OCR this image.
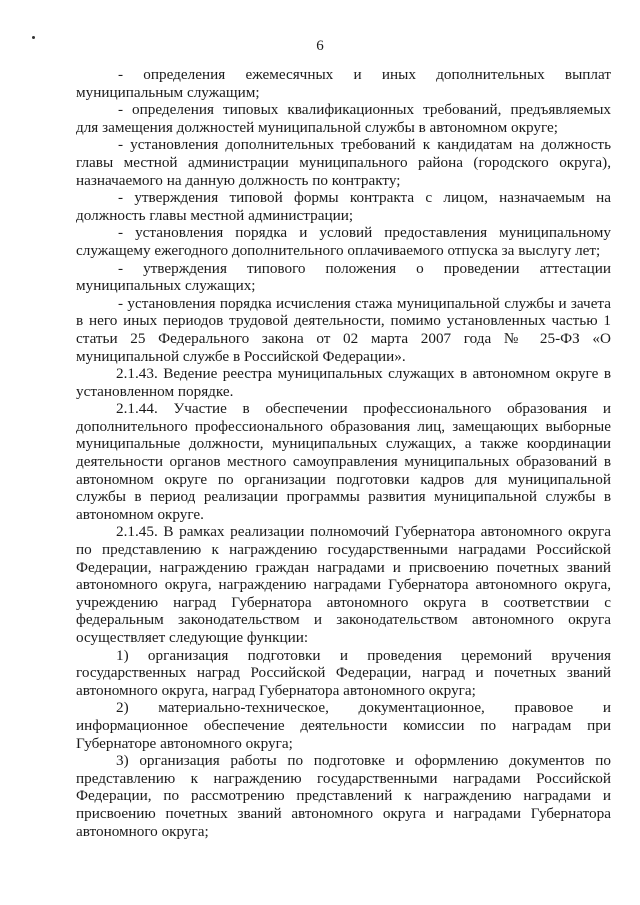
6

- определения ежемесячных и иных дополнительных выплат муниципальным служащим;

- определения типовых квалификационных требований, предъявляемых для замещения должностей муниципальной службы в автономном округе;

- установления дополнительных требований к кандидатам на должность главы местной администрации муниципального района (городского округа), назначаемого на данную должность по контракту;

- утверждения типовой формы контракта с лицом, назначаемым на должность главы местной администрации;

- установления порядка и условий предоставления муниципальному служащему ежегодного дополнительного оплачиваемого отпуска за выслугу лет;

- утверждения типового положения о проведении аттестации муниципальных служащих;

- установления порядка исчисления стажа муниципальной службы и зачета в него иных периодов трудовой деятельности, помимо установленных частью 1 статьи 25 Федерального закона от 02 марта 2007 года № 25-ФЗ «О муниципальной службе в Российской Федерации».

2.1.43. Ведение реестра муниципальных служащих в автономном округе в установленном порядке.

2.1.44. Участие в обеспечении профессионального образования и дополнительного профессионального образования лиц, замещающих выборные муниципальные должности, муниципальных служащих, а также координации деятельности органов местного самоуправления муниципальных образований в автономном округе по организации подготовки кадров для муниципальной службы в период реализации программы развития муниципальной службы в автономном округе.

2.1.45. В рамках реализации полномочий Губернатора автономного округа по представлению к награждению государственными наградами Российской Федерации, награждению граждан наградами и присвоению почетных званий автономного округа, награждению наградами Губернатора автономного округа, учреждению наград Губернатора автономного округа в соответствии с федеральным законодательством и законодательством автономного округа осуществляет следующие функции:

1) организация подготовки и проведения церемоний вручения государственных наград Российской Федерации, наград и почетных званий автономного округа, наград Губернатора автономного округа;

2) материально-техническое, документационное, правовое и информационное обеспечение деятельности комиссии по наградам при Губернаторе автономного округа;

3) организация работы по подготовке и оформлению документов по представлению к награждению государственными наградами Российской Федерации, по рассмотрению представлений к награждению наградами и присвоению почетных званий автономного округа и наградами Губернатора автономного округа;
